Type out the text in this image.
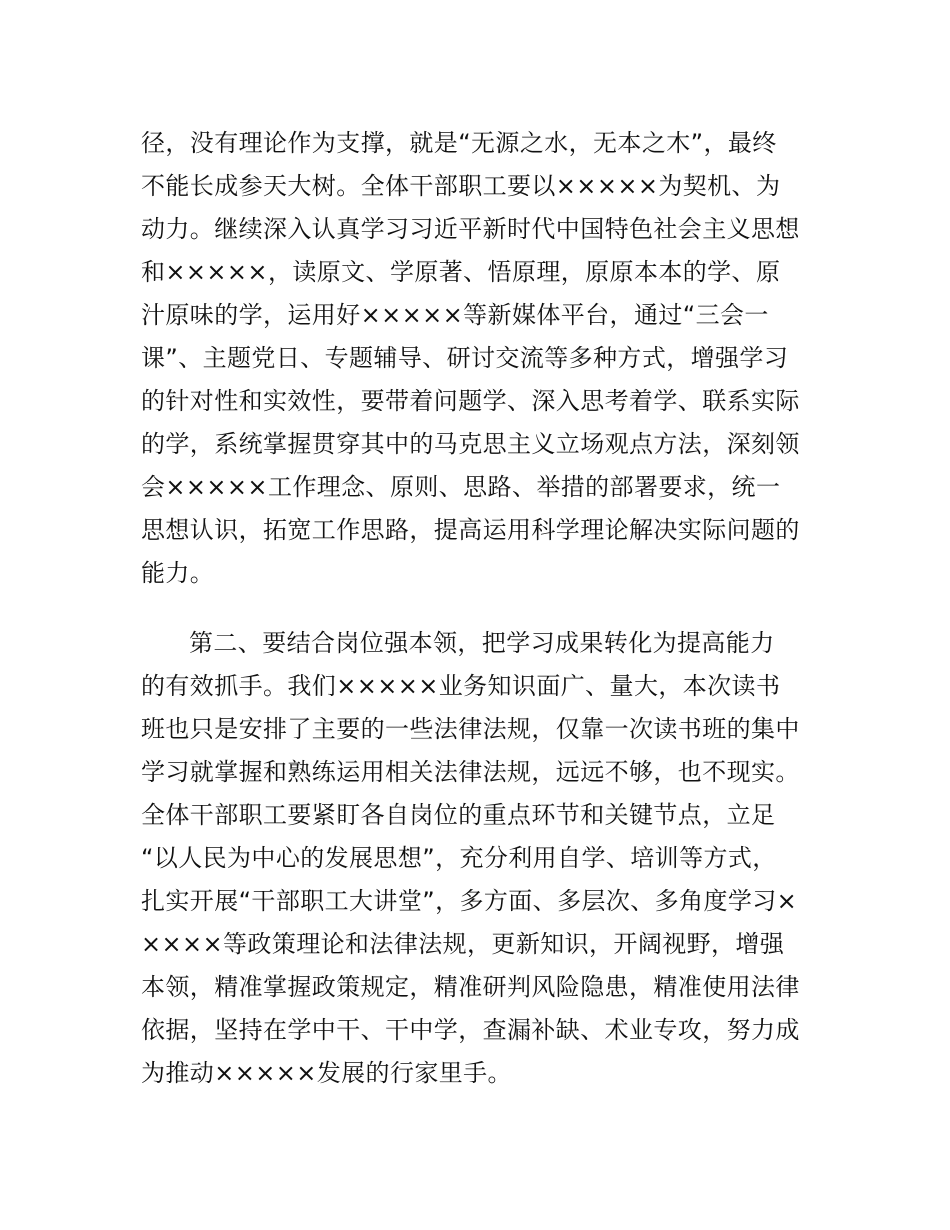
径，没有理论作为支撑，就是“无源之水，无本之木”，最终
不能长成参天大树。全体干部职工要以×××××为契机、为
动力。继续深入认真学习习近平新时代中国特色社会主义思想
和×××××，读原文、学原著、悟原理，原原本本的学、原
汁原味的学，运用好×××××等新媒体平台，通过“三会一
课”、主题党日、专题辅导、研讨交流等多种方式，增强学习
的针对性和实效性，要带着问题学、深入思考着学、联系实际
的学，系统掌握贯穿其中的马克思主义立场观点方法，深刻领
会×××××工作理念、原则、思路、举措的部署要求，统一
思想认识，拓宽工作思路，提高运用科学理论解决实际问题的
能力。
第二、要结合岗位强本领，把学习成果转化为提高能力
的有效抓手。我们×××××业务知识面广、量大，本次读书
班也只是安排了主要的一些法律法规，仅靠一次读书班的集中
学习就掌握和熟练运用相关法律法规，远远不够，也不现实。
全体干部职工要紧盯各自岗位的重点环节和关键节点，立足
“以人民为中心的发展思想”，充分利用自学、培训等方式，
扎实开展“干部职工大讲堂”，多方面、多层次、多角度学习×
××××等政策理论和法律法规，更新知识，开阔视野，增强
本领，精准掌握政策规定，精准研判风险隐患，精准使用法律
依据，坚持在学中干、干中学，查漏补缺、术业专攻，努力成
为推动×××××发展的行家里手。
